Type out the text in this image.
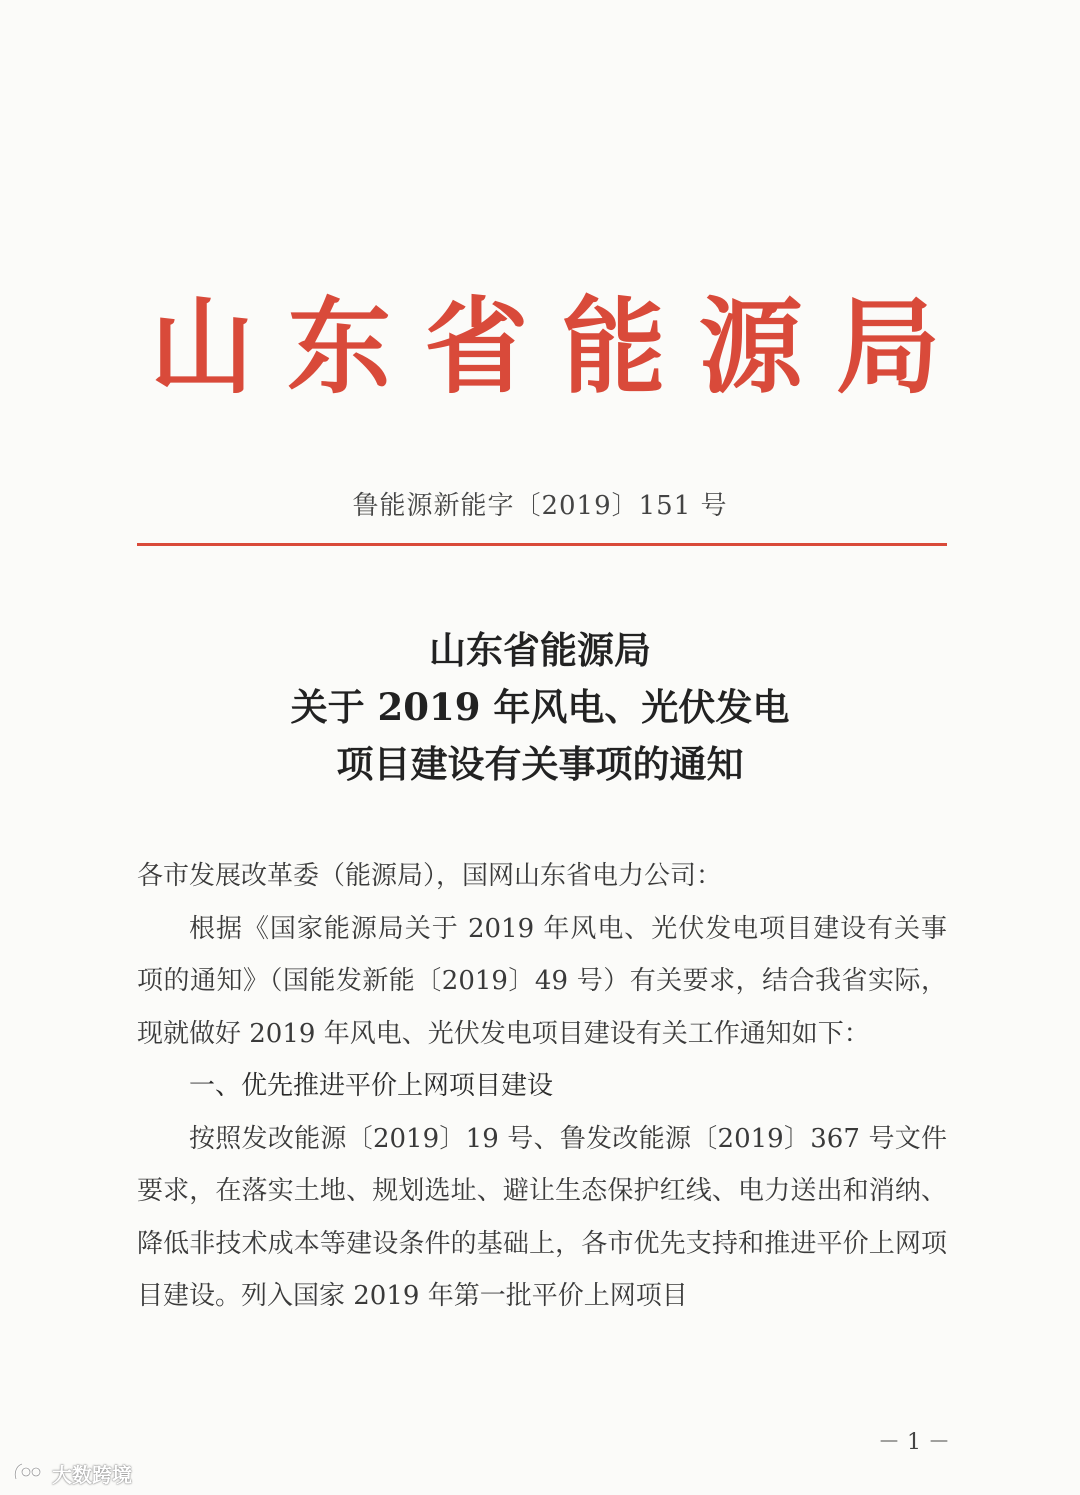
山 东 省 能 源 局
鲁能源新能字〔2019〕151 号
山东省能源局
关于 2019 年风电、光伏发电
项目建设有关事项的通知

各市发展改革委（能源局），国网山东省电力公司：

根据《国家能源局关于 2019 年风电、光伏发电项目建设有关事项的通知》（国能发新能〔2019〕49 号）有关要求，结合我省实际，现就做好 2019 年风电、光伏发电项目建设有关工作通知如下：

一、优先推进平价上网项目建设

按照发改能源〔2019〕19 号、鲁发改能源〔2019〕367 号文件要求，在落实土地、规划选址、避让生态保护红线、电力送出和消纳、降低非技术成本等建设条件的基础上，各市优先支持和推进平价上网项目建设。列入国家 2019 年第一批平价上网项目

－ 1 －
大数跨境
